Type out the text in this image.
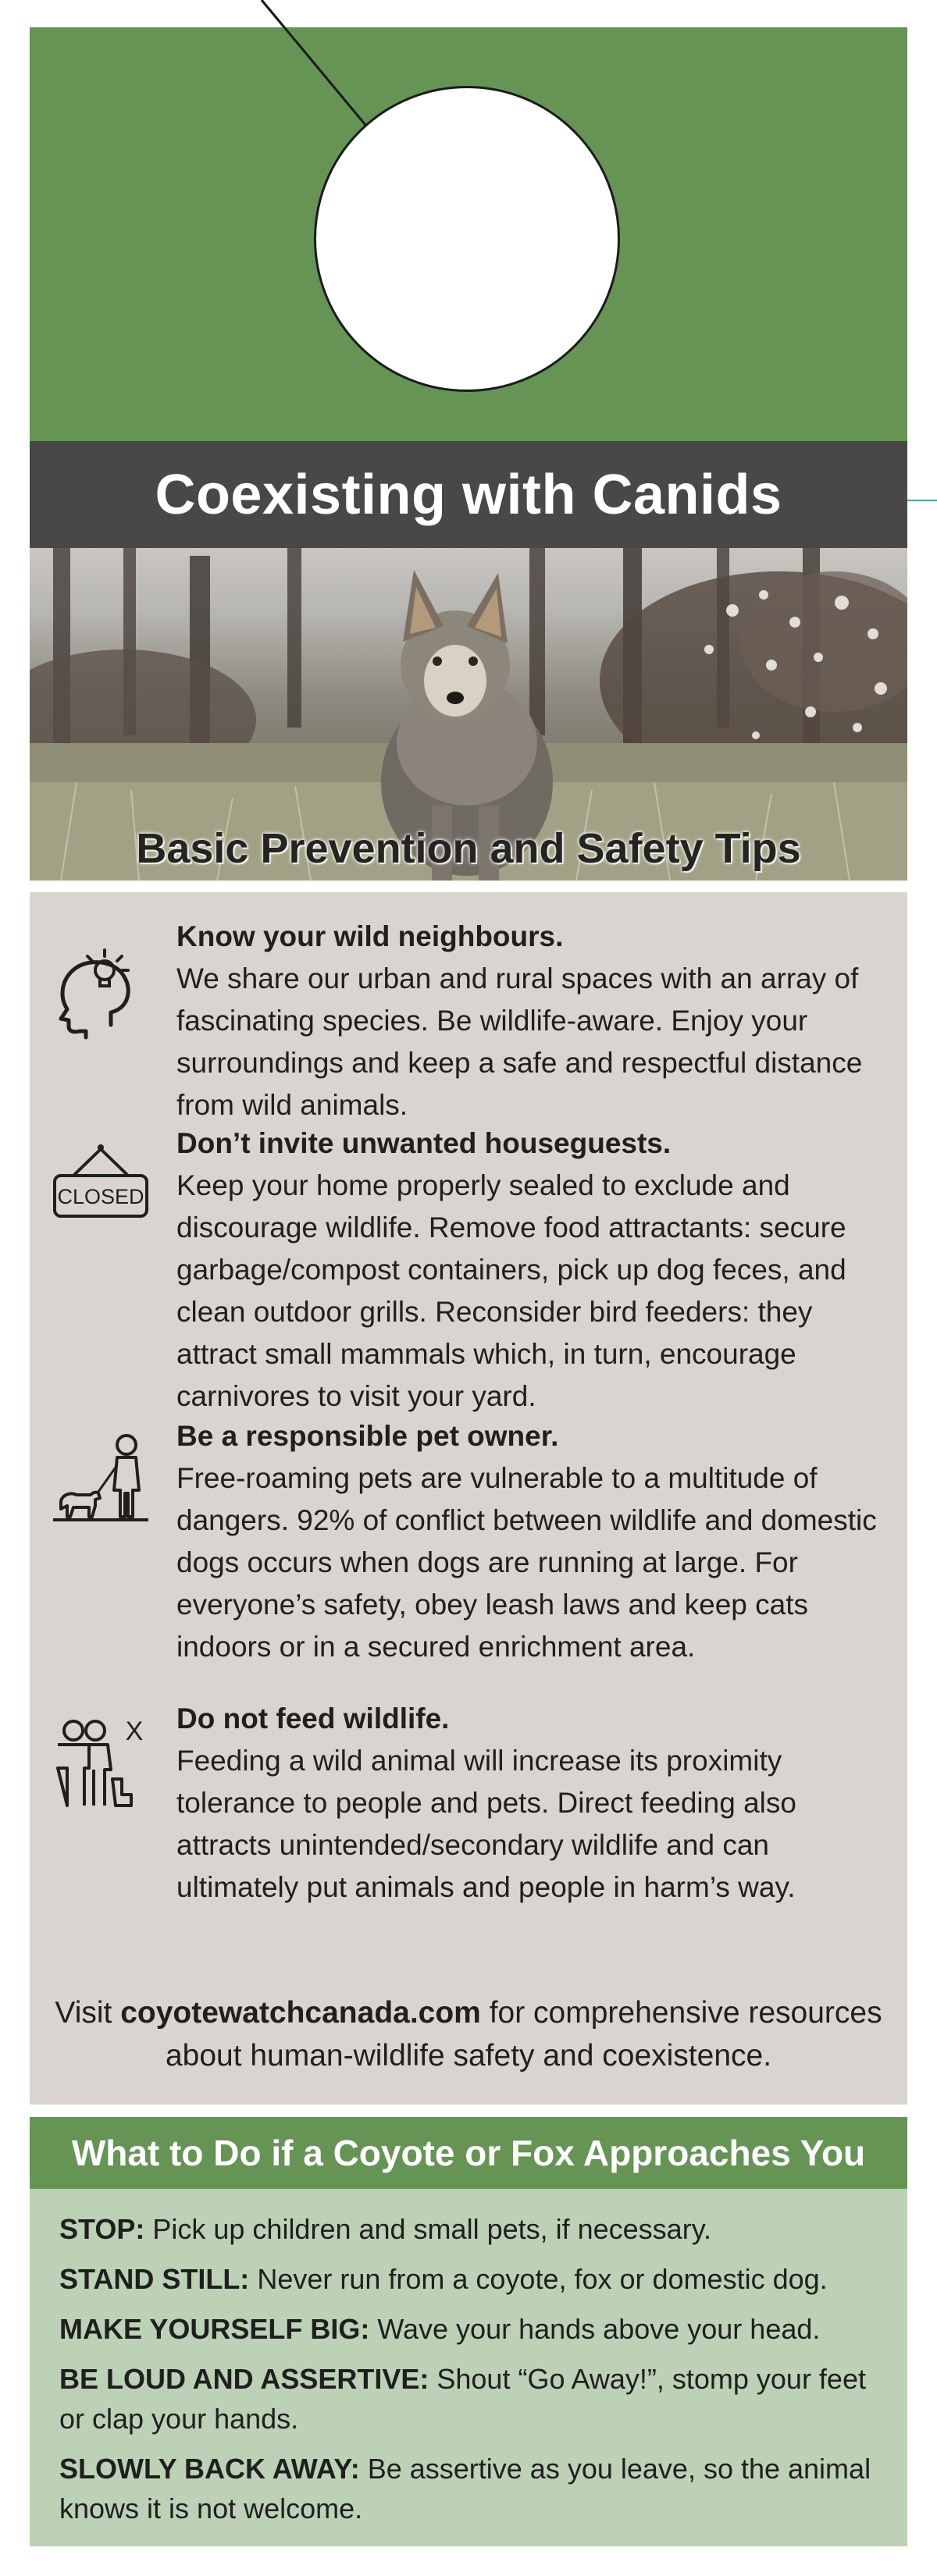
Coexisting with Canids
Basic Prevention and Safety Tips
Know your wild neighbours.
We share our urban and rural spaces with an array of fascinating species. Be wildlife-aware. Enjoy your surroundings and keep a safe and respectful distance from wild animals.
CLOSED
Don’t invite unwanted houseguests.
Keep your home properly sealed to exclude and discourage wildlife. Remove food attractants: secure garbage/compost containers, pick up dog feces, and clean outdoor grills. Reconsider bird feeders: they attract small mammals which, in turn, encourage carnivores to visit your yard.
Be a responsible pet owner.
Free-roaming pets are vulnerable to a multitude of dangers. 92% of conflict between wildlife and domestic dogs occurs when dogs are running at large. For everyone’s safety, obey leash laws and keep cats indoors or in a secured enrichment area.
X Do not feed wildlife.
Feeding a wild animal will increase its proximity tolerance to people and pets. Direct feeding also attracts unintended/secondary wildlife and can ultimately put animals and people in harm’s way.
Visit coyotewatchcanada.com for comprehensive resources about human-wildlife safety and coexistence.
What to Do if a Coyote or Fox Approaches You
STOP: Pick up children and small pets, if necessary.
STAND STILL: Never run from a coyote, fox or domestic dog.
MAKE YOURSELF BIG: Wave your hands above your head.
BE LOUD AND ASSERTIVE: Shout “Go Away!”, stomp your feet or clap your hands.
SLOWLY BACK AWAY: Be assertive as you leave, so the animal knows it is not welcome.
